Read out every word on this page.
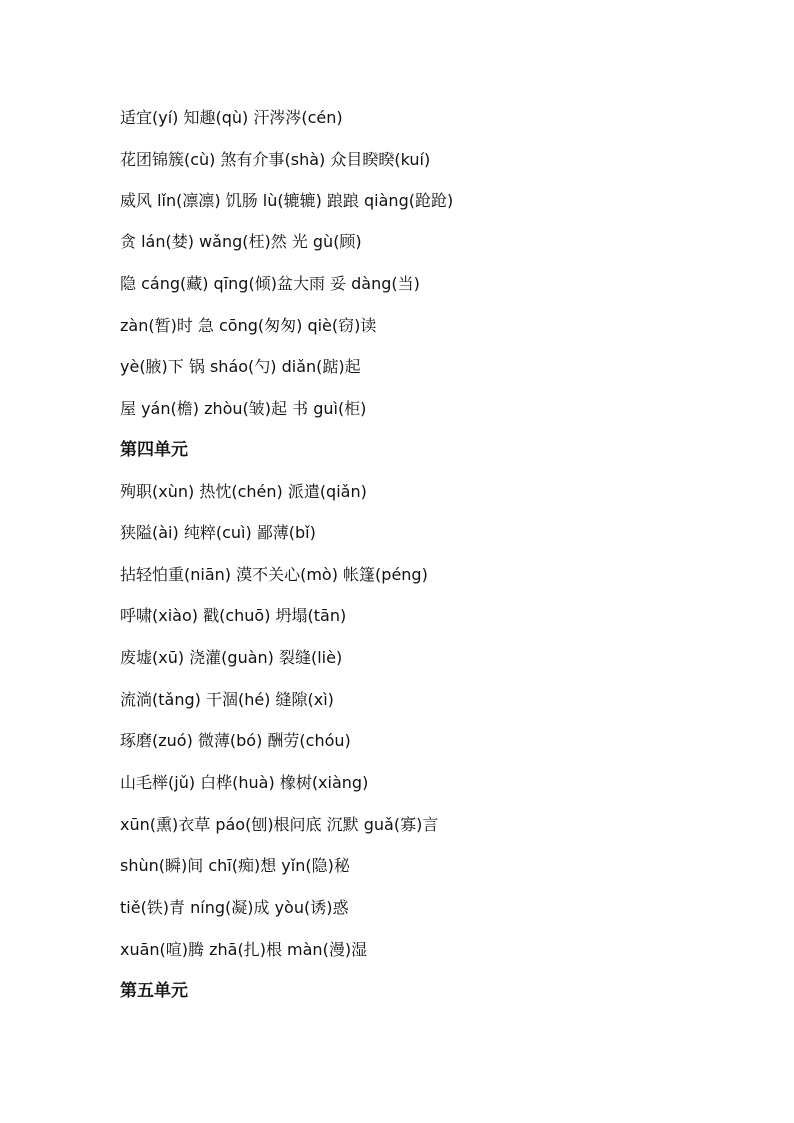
适宜(yí) 知趣(qù) 汗涔涔(cén)
花团锦簇(cù) 煞有介事(shà) 众目睽睽(kuí)
威风 lǐn(凛凛) 饥肠 lù(辘辘) 踉踉 qiàng(跄跄)
贪 lán(婪) wǎng(枉)然 光 gù(顾)
隐 cáng(藏) qīng(倾)盆大雨 妥 dàng(当)
zàn(暂)时 急 cōng(匆匆) qiè(窃)读
yè(腋)下 锅 sháo(勺) diǎn(踮)起
屋 yán(檐) zhòu(皱)起 书 guì(柜)
第四单元
殉职(xùn) 热忱(chén) 派遣(qiǎn)
狭隘(ài) 纯粹(cuì) 鄙薄(bǐ)
拈轻怕重(niān) 漠不关心(mò) 帐篷(péng)
呼啸(xiào) 戳(chuō) 坍塌(tān)
废墟(xū) 浇灌(guàn) 裂缝(liè)
流淌(tǎng) 干涸(hé) 缝隙(xì)
琢磨(zuó) 微薄(bó) 酬劳(chóu)
山毛榉(jǔ) 白桦(huà) 橡树(xiàng)
xūn(熏)衣草 páo(刨)根问底 沉默 guǎ(寡)言
shùn(瞬)间 chī(痴)想 yǐn(隐)秘
tiě(铁)青 níng(凝)成 yòu(诱)惑
xuān(喧)腾 zhā(扎)根 màn(漫)湿
第五单元
